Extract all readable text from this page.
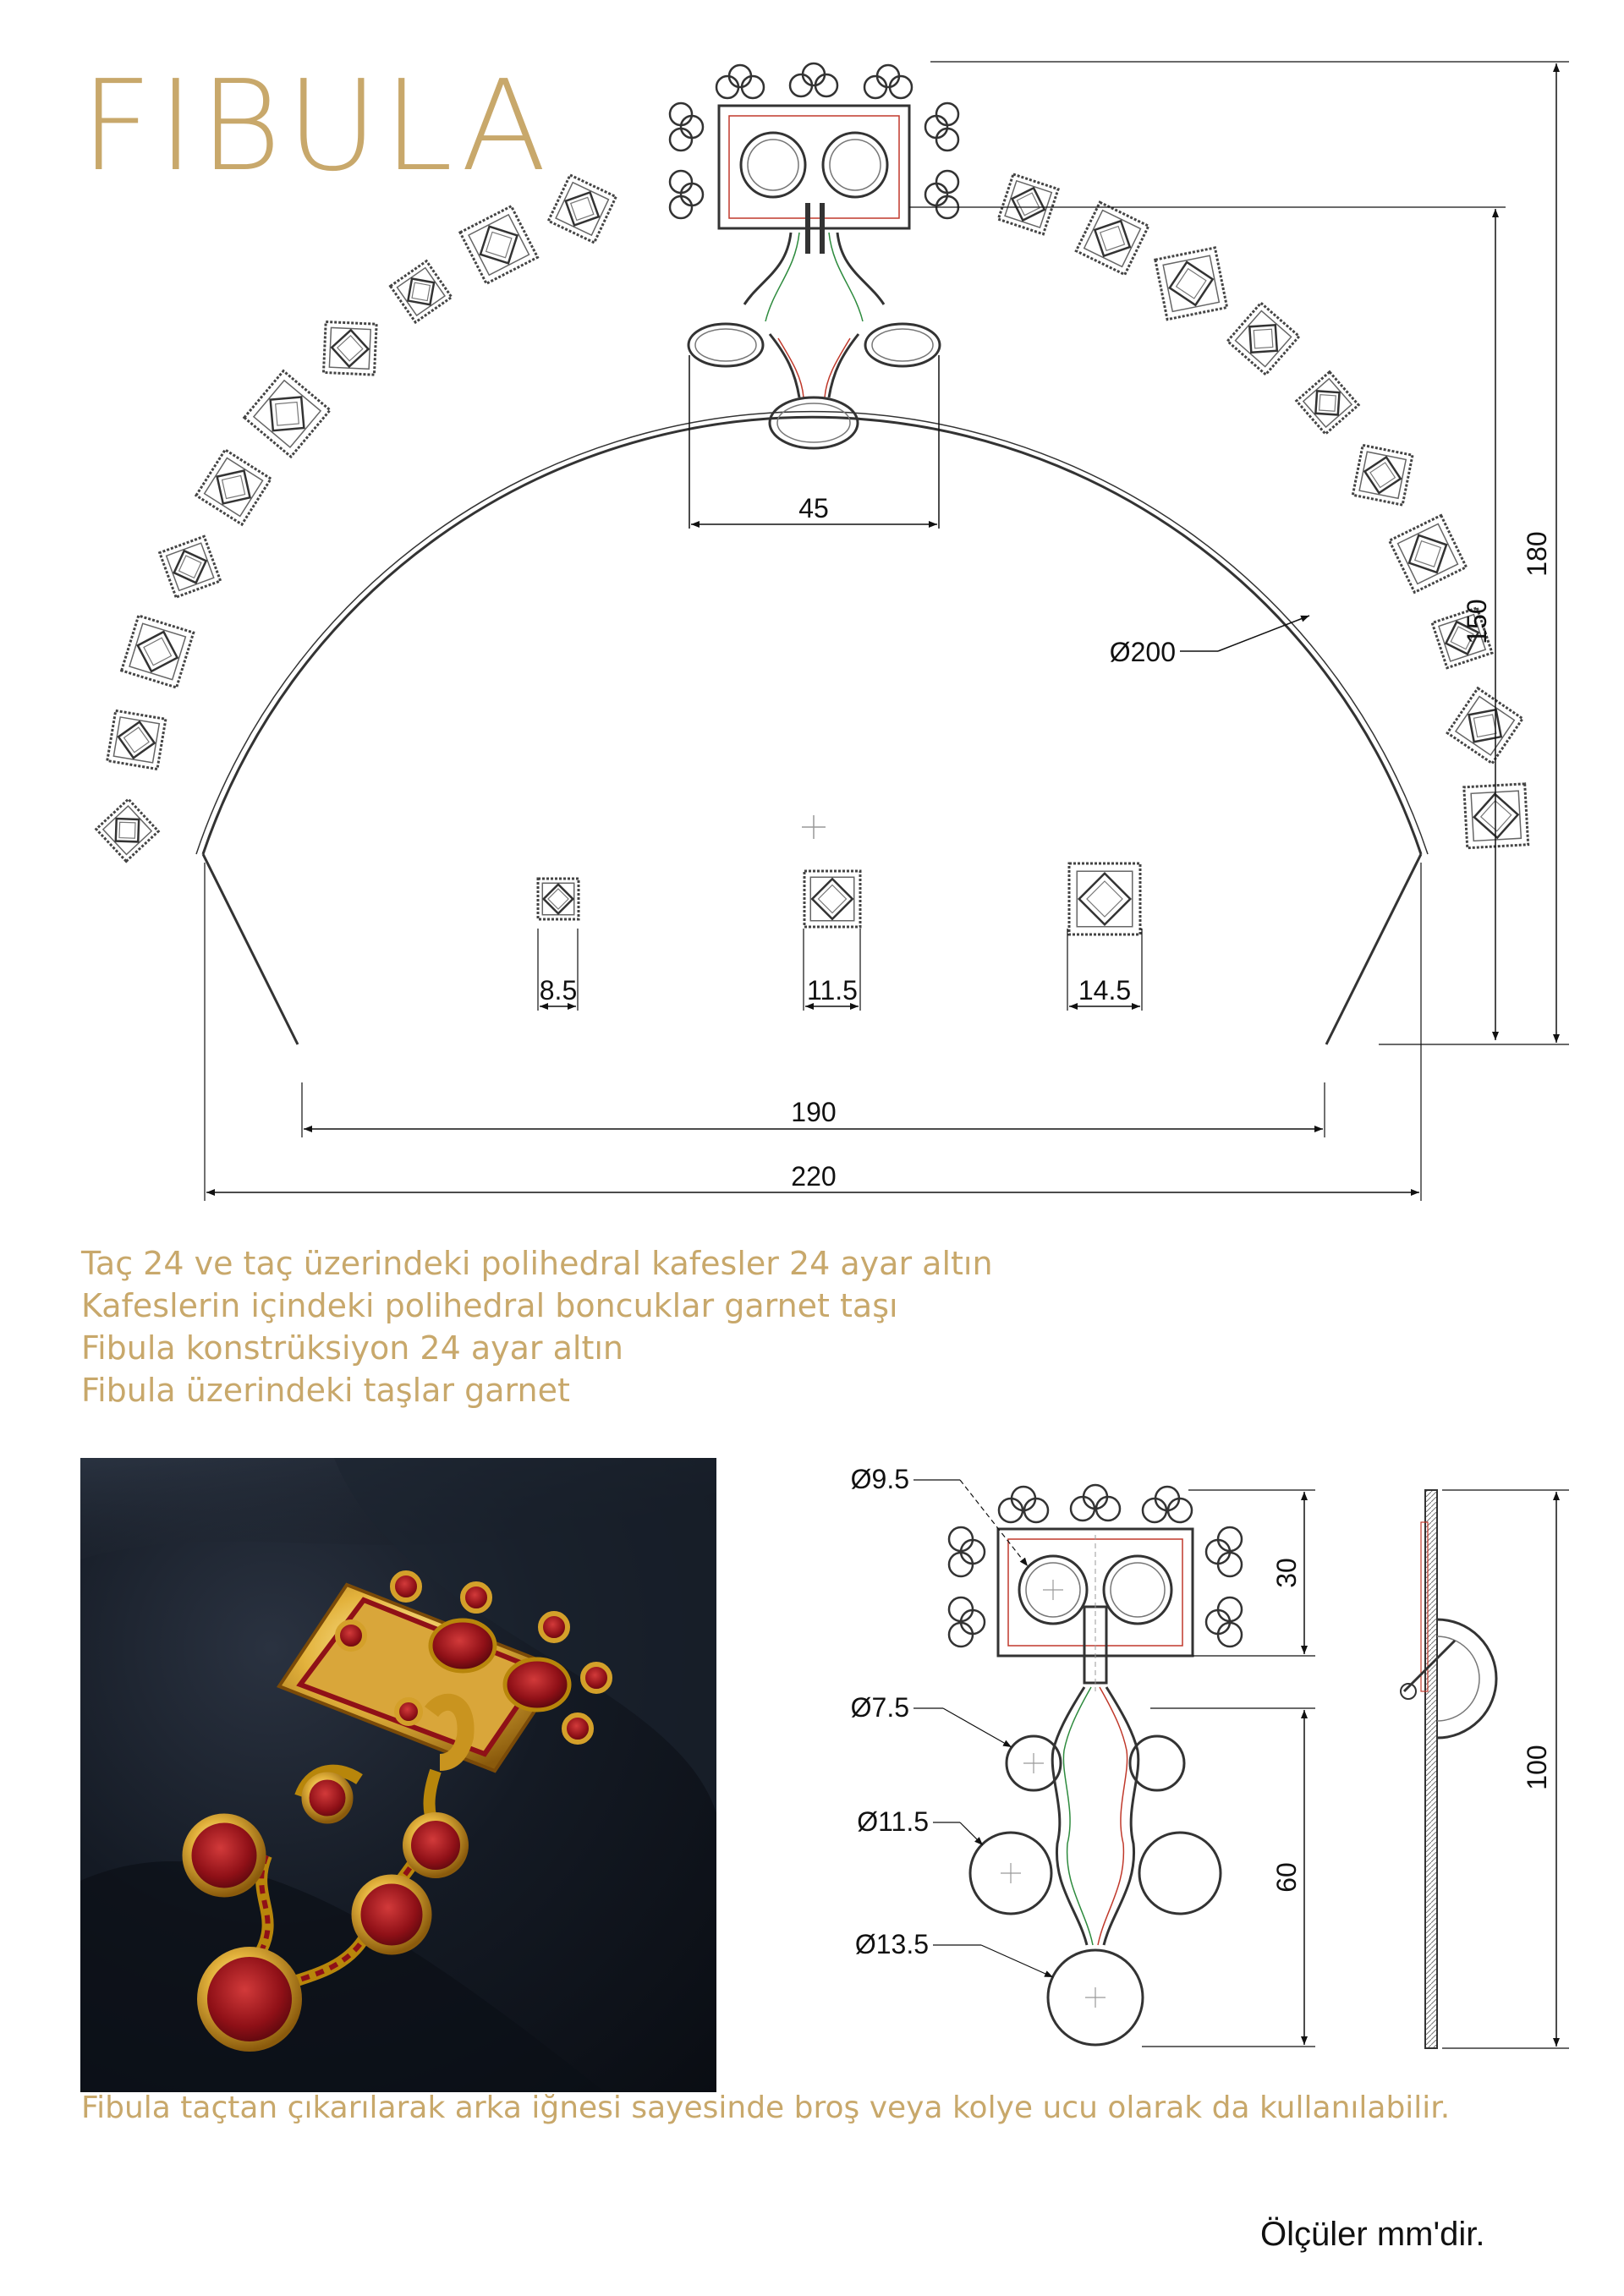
FIBULA
45
Ø200
150
180
8.5	11.5	14.5
190
220
Ø9.5
Ø7.5
Ø11.5
Ø13.5
30
60
100
Taç 24 ve taç üzerindeki polihedral kafesler 24 ayar altın
Kafeslerin içindeki polihedral boncuklar garnet taşı
Fibula konstrüksiyon 24 ayar altın
Fibula üzerindeki taşlar garnet
Fibula taçtan çıkarılarak arka iğnesi sayesinde broş veya kolye ucu olarak da kullanılabilir.
Ölçüler mm'dir.
